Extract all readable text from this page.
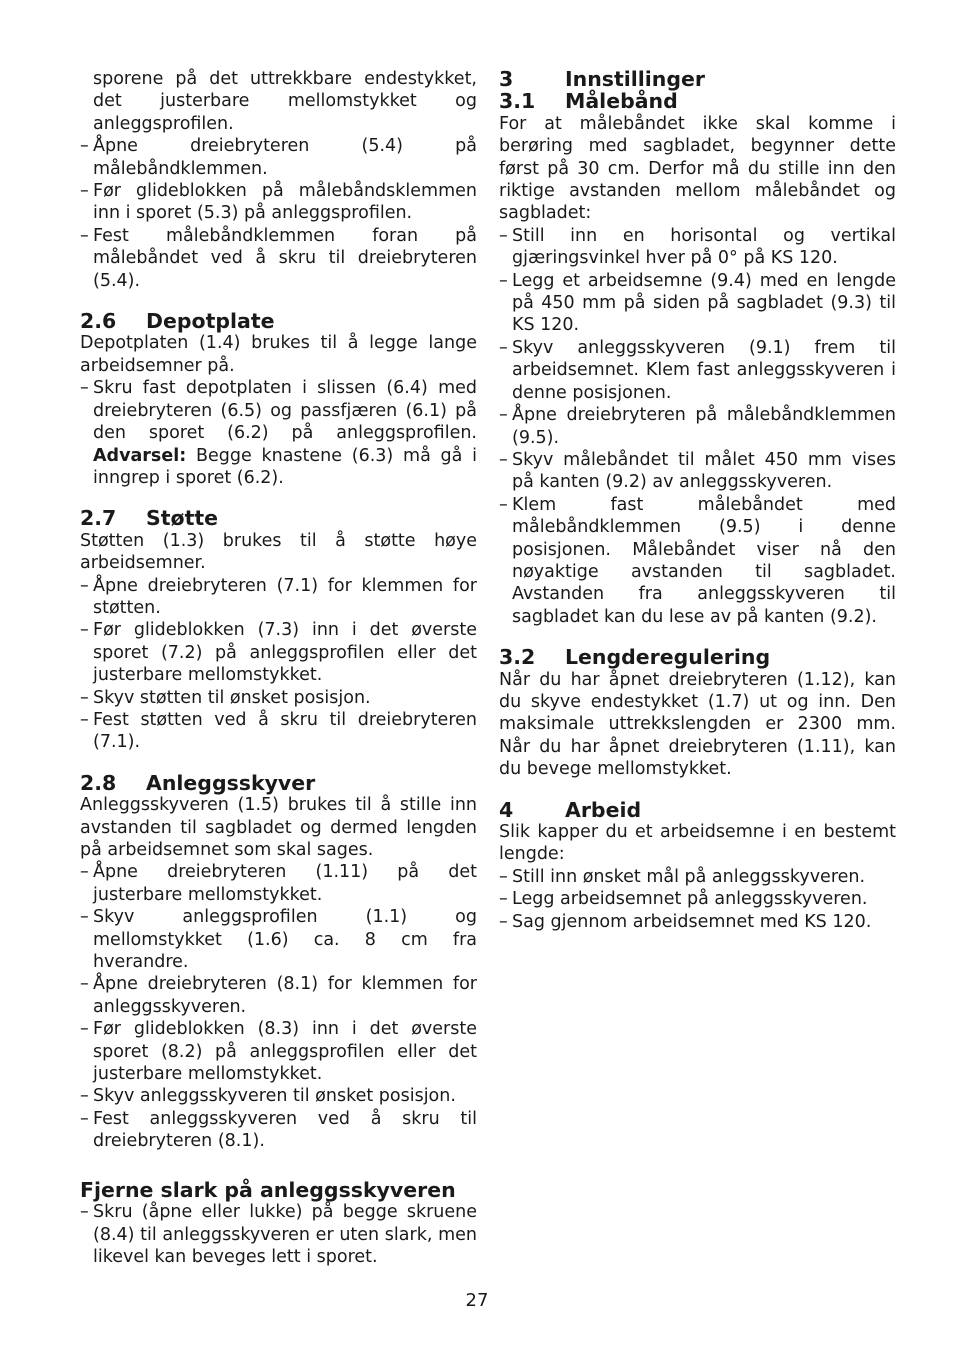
sporene på det uttrekkbare endestykket, det justerbare mellomstykket og anleggsprofilen.
– Åpne dreiebryteren (5.4) på målebåndklemmen.
– Før glideblokken på målebåndsklemmen inn i sporet (5.3) på anleggsprofilen.
– Fest målebåndklemmen foran på målebåndet ved å skru til dreiebryteren (5.4).
2.6	Depotplate

Depotplaten (1.4) brukes til å legge lange arbeidsemner på.

– Skru fast depotplaten i slissen (6.4) med dreiebryteren (6.5) og passfjæren (6.1) på den sporet (6.2) på anleggsprofilen. Advarsel: Begge knastene (6.3) må gå i inngrep i sporet (6.2).
2.7	Støtte

Støtten (1.3) brukes til å støtte høye arbeidsemner.

– Åpne dreiebryteren (7.1) for klemmen for støtten.
– Før glideblokken (7.3) inn i det øverste sporet (7.2) på anleggsprofilen eller det justerbare mellomstykket.
– Skyv støtten til ønsket posisjon.
– Fest støtten ved å skru til dreiebryteren (7.1).
2.8	Anleggsskyver

Anleggsskyveren (1.5) brukes til å stille inn avstanden til sagbladet og dermed lengden på arbeidsemnet som skal sages.

– Åpne dreiebryteren (1.11) på det justerbare mellomstykket.
– Skyv anleggsprofilen (1.1) og mellomstykket (1.6) ca. 8 cm fra hverandre.
– Åpne dreiebryteren (8.1) for klemmen for anleggsskyveren.
– Før glideblokken (8.3) inn i det øverste sporet (8.2) på anleggsprofilen eller det justerbare mellomstykket.
– Skyv anleggsskyveren til ønsket posisjon.
– Fest anleggsskyveren ved å skru til dreiebryteren (8.1).
Fjerne slark på anleggsskyveren
– Skru (åpne eller lukke) på begge skruene (8.4) til anleggsskyveren er uten slark, men likevel kan beveges lett i sporet.
3	Innstillinger
3.1	Målebånd

For at målebåndet ikke skal komme i berøring med sagbladet, begynner dette først på 30 cm. Derfor må du stille inn den riktige avstanden mellom målebåndet og sagbladet:

– Still inn en horisontal og vertikal gjæringsvinkel hver på 0° på KS 120.
– Legg et arbeidsemne (9.4) med en lengde på 450 mm på siden på sagbladet (9.3) til KS 120.
– Skyv anleggsskyveren (9.1) frem til arbeidsemnet. Klem fast anleggsskyveren i denne posisjonen.
– Åpne dreiebryteren på målebåndklemmen (9.5).
– Skyv målebåndet til målet 450 mm vises på kanten (9.2) av anleggsskyveren.
– Klem fast målebåndet med målebåndklemmen (9.5) i denne posisjonen. Målebåndet viser nå den nøyaktige avstanden til sagbladet. Avstanden fra anleggsskyveren til sagbladet kan du lese av på kanten (9.2).
3.2	Lengderegulering

Når du har åpnet dreiebryteren (1.12), kan du skyve endestykket (1.7) ut og inn. Den maksimale uttrekkslengden er 2300 mm. Når du har åpnet dreiebryteren (1.11), kan du bevege mellomstykket.

4	Arbeid

Slik kapper du et arbeidsemne i en bestemt lengde:

– Still inn ønsket mål på anleggsskyveren.
– Legg arbeidsemnet på anleggsskyveren.
– Sag gjennom arbeidsemnet med KS 120.
27
